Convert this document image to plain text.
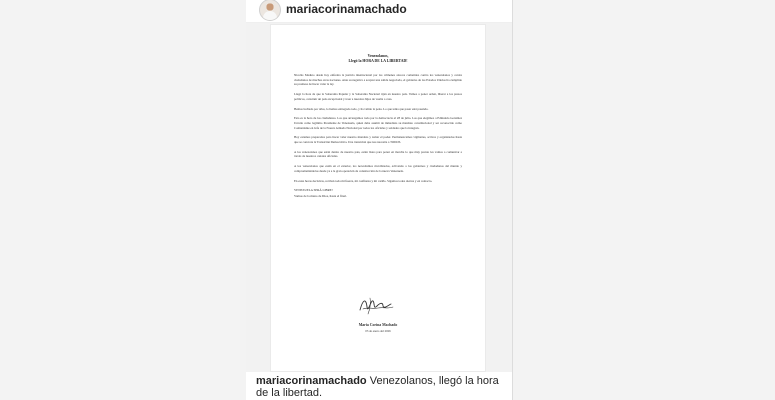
mariacorinamachado
Venezolanos,
Llegó la HORA DE LA LIBERTAD!
Nicolás Maduro desde hoy enfrenta la justicia internacional por los crímenes atroces cometidos contra los venezolanos y contra ciudadanos de muchas otras naciones. Ante su negativa a aceptar una salida negociada, el gobierno de los Estados Unidos ha cumplido su promesa de hacer valer la ley.
Llegó la hora de que la Soberanía Popular y la Soberanía Nacional rijan en nuestro país. Vamos a poner orden, liberar a los presos políticos, construir un país excepcional y traer a nuestros hijos de vuelta a casa.
Hemos luchado por años, lo hemos entregado todo, y ha valido la pena. Lo que tenía que pasar está pasando.
Esta es la hora de los ciudadanos. Los que arriesgamos todo por la democracia el 28 de julio. Los que elegimos a Edmundo González Urrutia como legítimo Presidente de Venezuela, quien debe asumir de inmediato su mandato constitucional y ser reconocido como Comandante en Jefe de la Fuerza Armada Nacional por todos los oficiales y soldados que la integran.
Hoy estamos preparados para hacer valer nuestro mandato y tomar el poder. Permanezcamos vigilantes, activos y organizados hasta que se concrete la Transición Democrática. Una transición que nos necesita a TODOS.
A los venezolanos que están dentro de nuestro país, estén listos para poner en marcha lo que muy pronto les vamos a comunicar a través de nuestros canales oficiales.
A los venezolanos que están en el exterior, los necesitamos movilizados, activando a los gobiernos y ciudadanos del mundo y comprometiéndolos desde ya a la gran operación de construcción de la nueva Venezuela.
En estas horas decisivas, reciban toda mi fuerza, mi confianza y mi cariño. Sigamos todos alertas y en contacto.
VENEZUELA SERÁ LIBRE!
Vamos de la mano de Dios, hasta el final.
María Corina Machado
03 de enero del 2026
mariacorinamachado Venezolanos, llegó la hora de la libertad.
